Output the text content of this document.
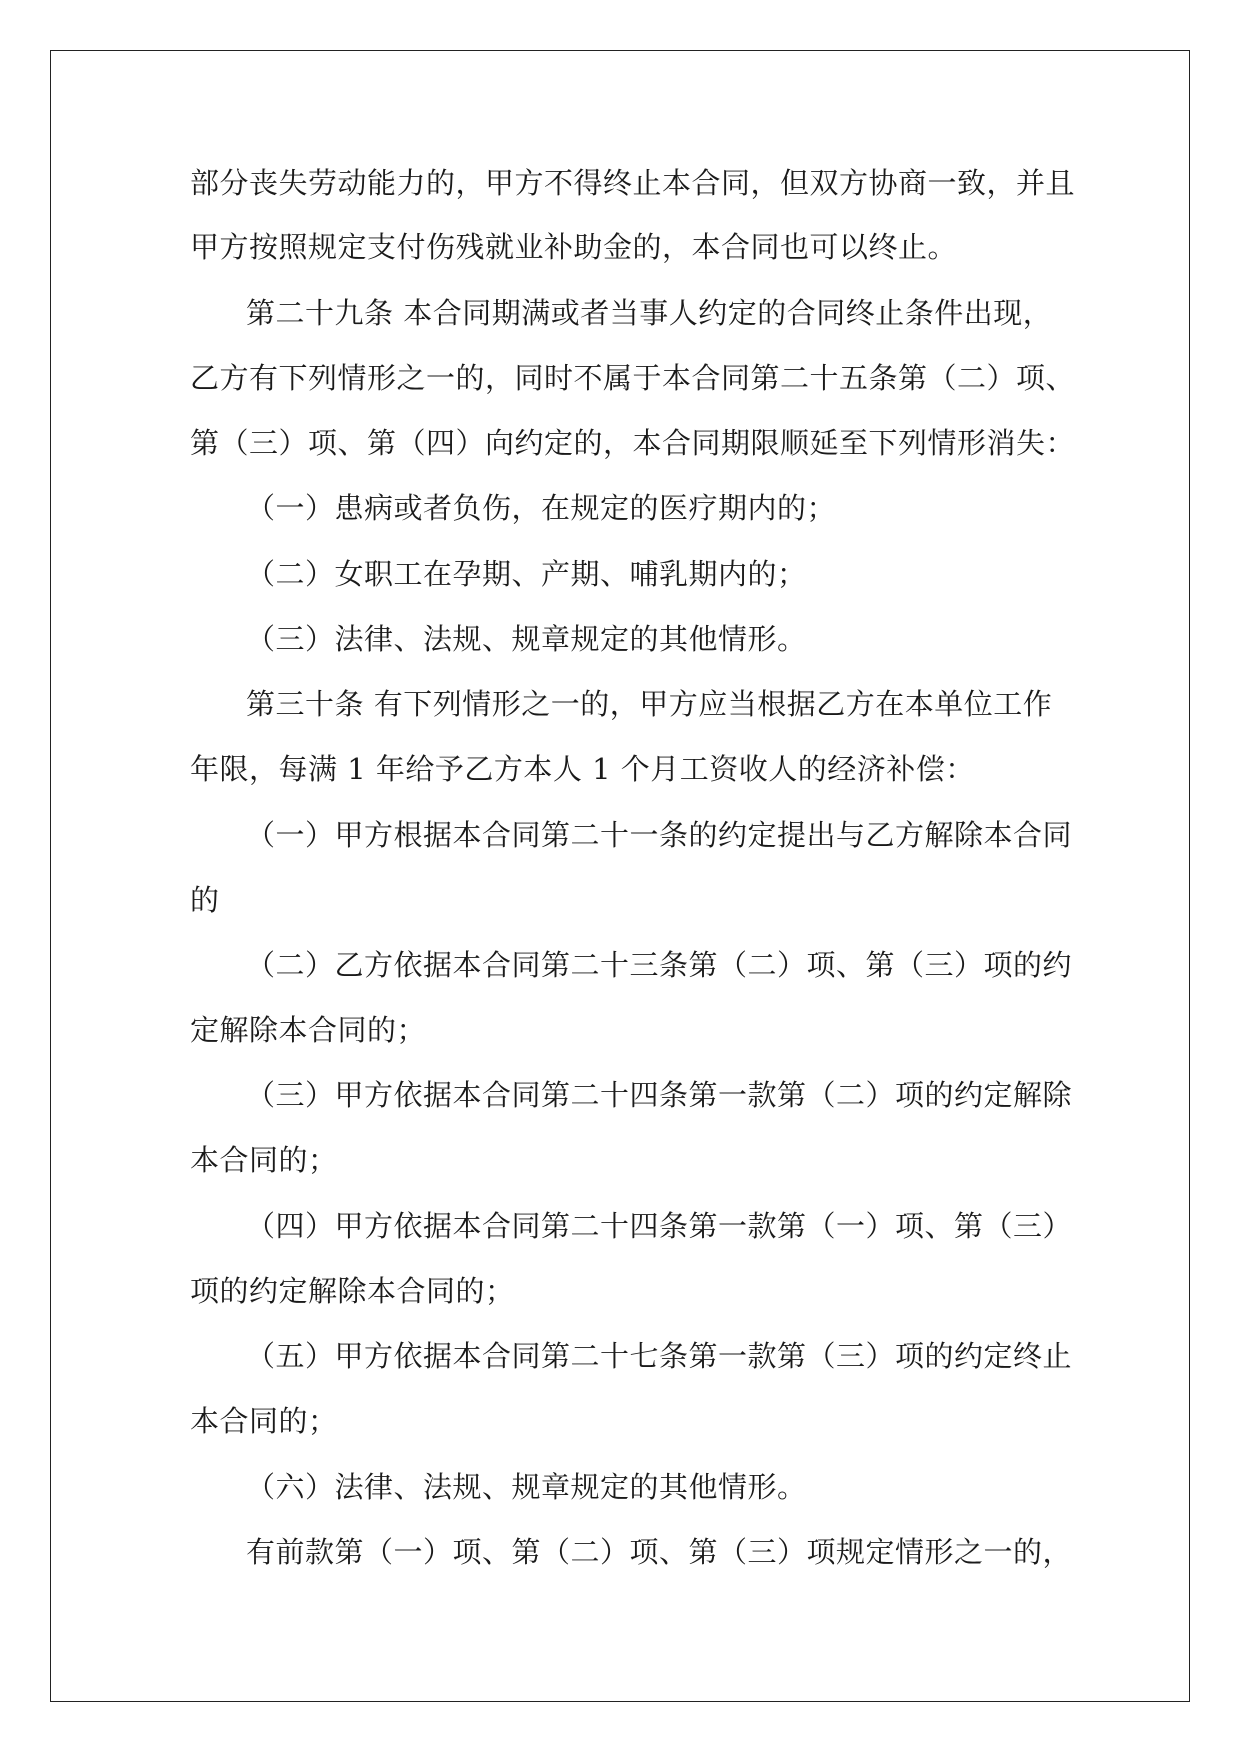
部分丧失劳动能力的，甲方不得终止本合同，但双方协商一致，并且
甲方按照规定支付伤残就业补助金的，本合同也可以终止。
第二十九条 本合同期满或者当事人约定的合同终止条件出现，
乙方有下列情形之一的，同时不属于本合同第二十五条第（二）项、
第（三）项、第（四）向约定的，本合同期限顺延至下列情形消失：
（一）患病或者负伤，在规定的医疗期内的；
（二）女职工在孕期、产期、哺乳期内的；
（三）法律、法规、规章规定的其他情形。
第三十条 有下列情形之一的，甲方应当根据乙方在本单位工作
年限，每满 1 年给予乙方本人 1 个月工资收人的经济补偿：
（一）甲方根据本合同第二十一条的约定提出与乙方解除本合同
的
（二）乙方依据本合同第二十三条第（二）项、第（三）项的约
定解除本合同的；
（三）甲方依据本合同第二十四条第一款第（二）项的约定解除
本合同的；
（四）甲方依据本合同第二十四条第一款第（一）项、第（三）
项的约定解除本合同的；
（五）甲方依据本合同第二十七条第一款第（三）项的约定终止
本合同的；
（六）法律、法规、规章规定的其他情形。
有前款第（一）项、第（二）项、第（三）项规定情形之一的，
